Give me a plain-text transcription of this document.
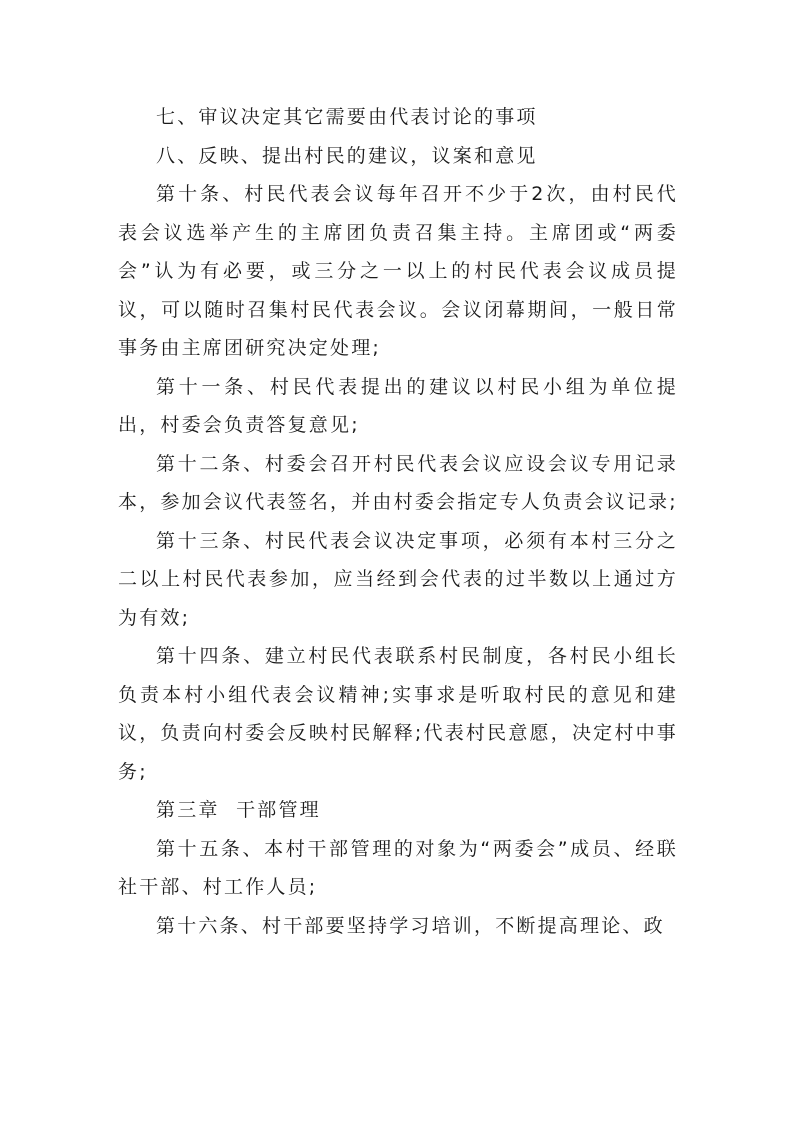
七、审议决定其它需要由代表讨论的事项

八、反映、提出村民的建议，议案和意见

第十条、村民代表会议每年召开不少于2次，由村民代表会议选举产生的主席团负责召集主持。主席团或“两委会”认为有必要，或三分之一以上的村民代表会议成员提议，可以随时召集村民代表会议。会议闭幕期间，一般日常事务由主席团研究决定处理;

第十一条、村民代表提出的建议以村民小组为单位提出，村委会负责答复意见;

第十二条、村委会召开村民代表会议应设会议专用记录本，参加会议代表签名，并由村委会指定专人负责会议记录;

第十三条、村民代表会议决定事项，必须有本村三分之二以上村民代表参加，应当经到会代表的过半数以上通过方为有效;

第十四条、建立村民代表联系村民制度，各村民小组长负责本村小组代表会议精神;实事求是听取村民的意见和建议，负责向村委会反映村民解释;代表村民意愿，决定村中事务;

第三章  干部管理

第十五条、本村干部管理的对象为“两委会”成员、经联社干部、村工作人员;

第十六条、村干部要坚持学习培训，不断提高理论、政
